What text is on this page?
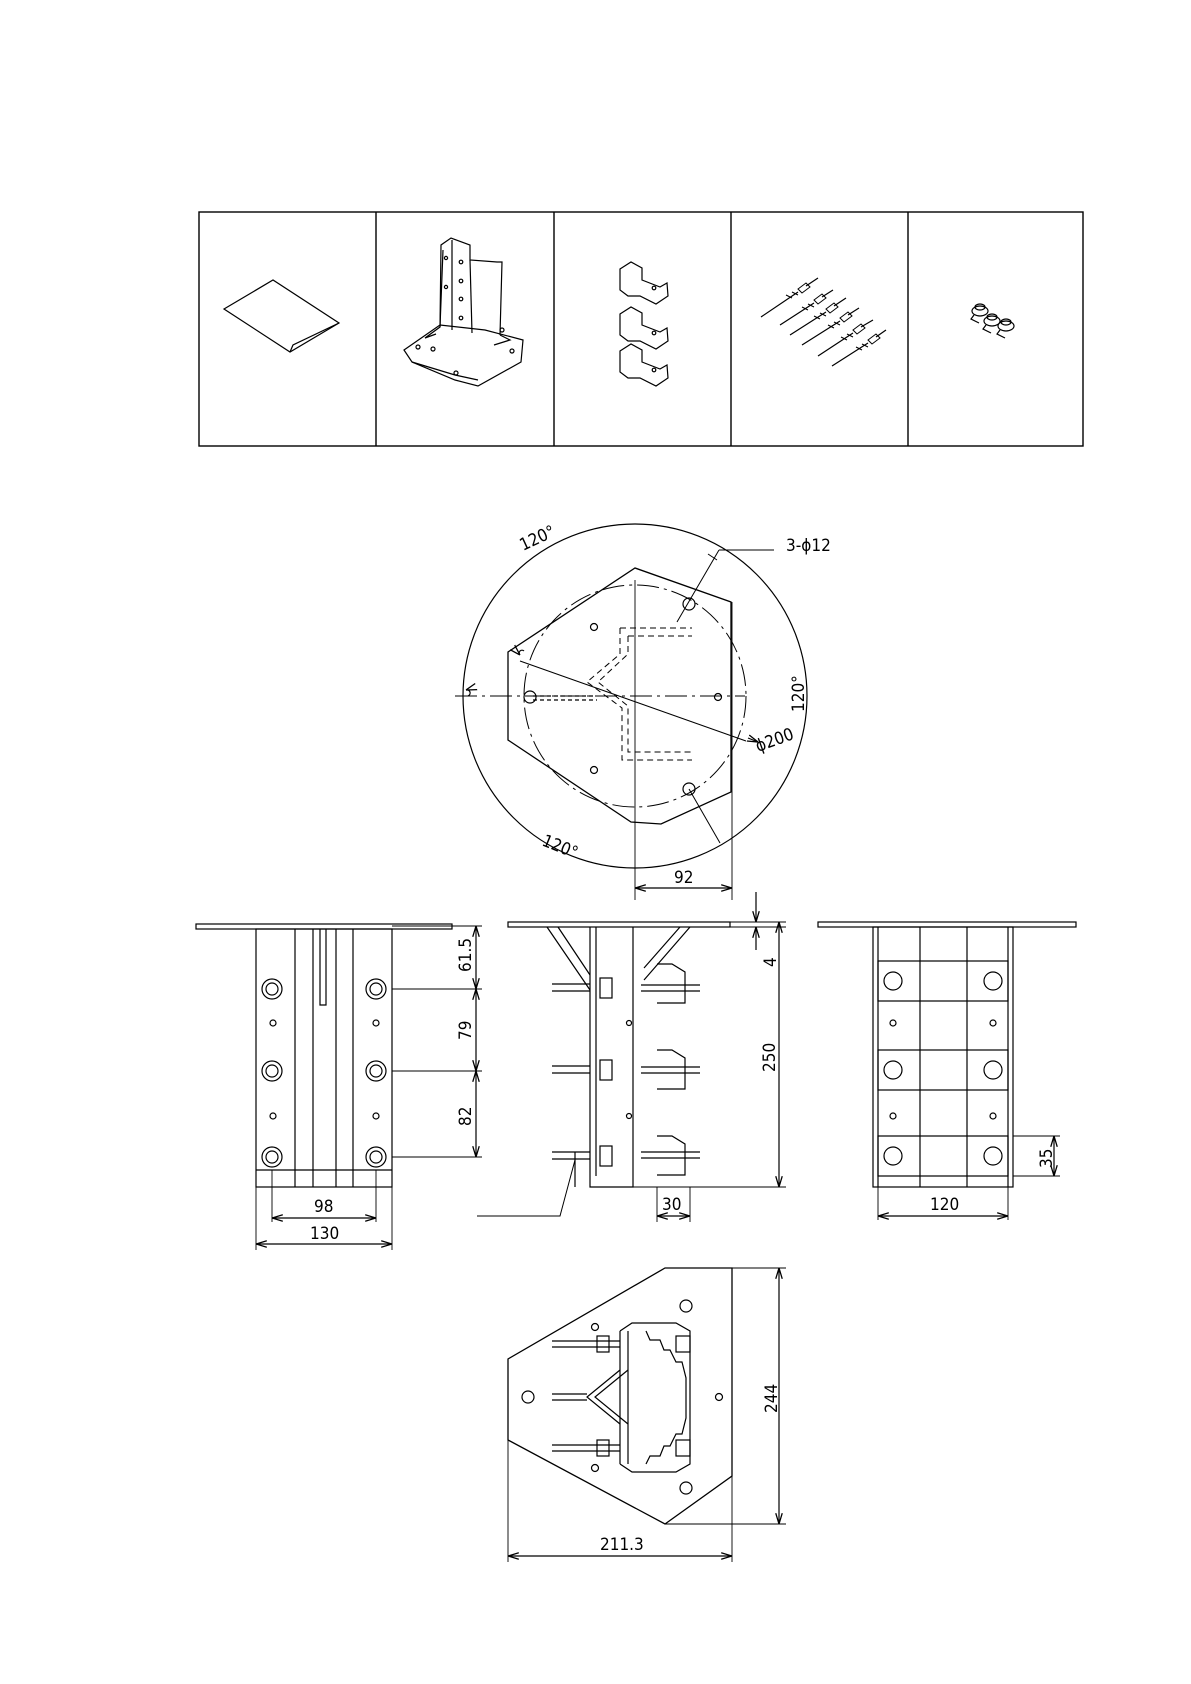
3-ϕ12
ϕ200
120°
120°
120°
92
61.5
79
82
98
130
4
250
30
35
120
244
211.3
